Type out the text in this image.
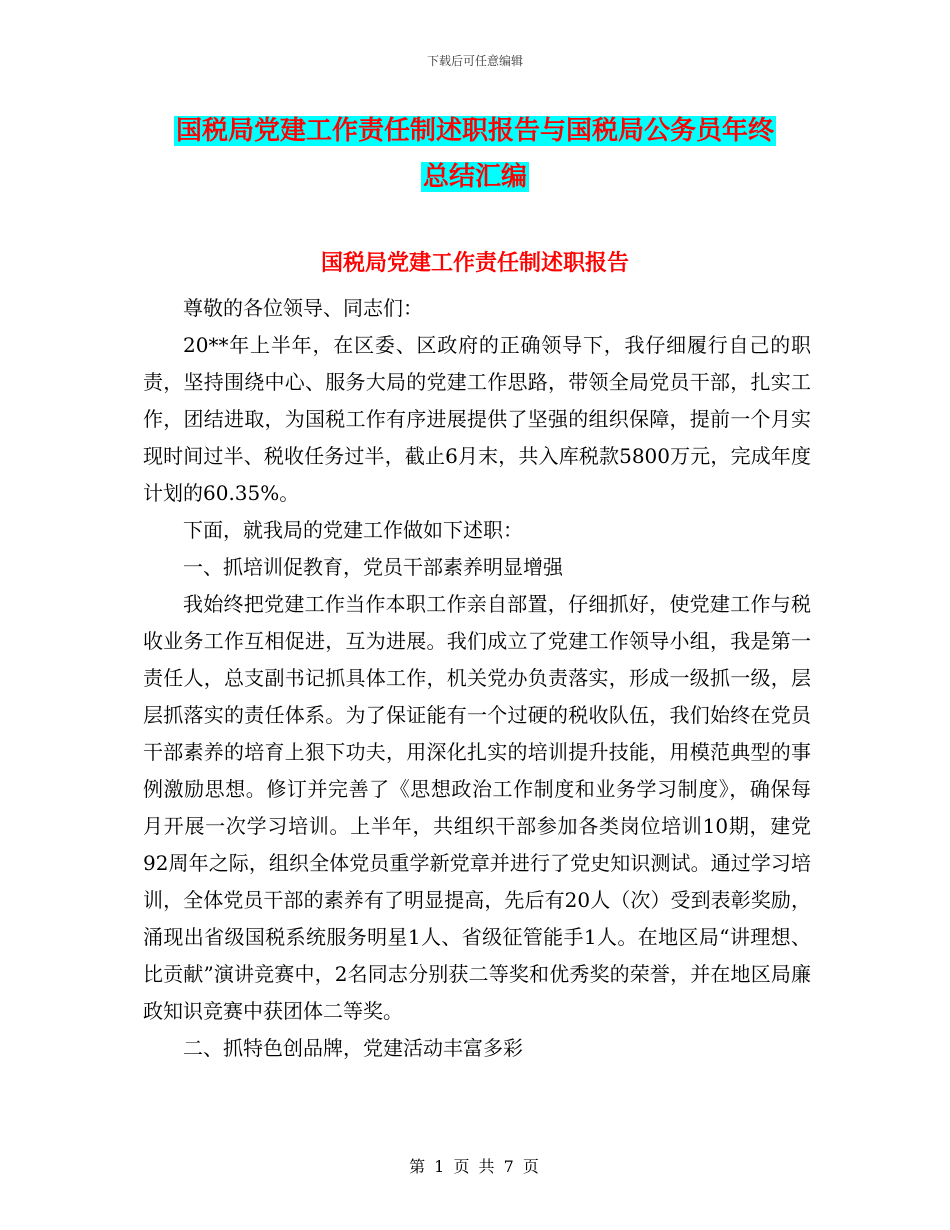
下载后可任意编辑
国税局党建工作责任制述职报告与国税局公务员年终
总结汇编
国税局党建工作责任制述职报告

尊敬的各位领导、同志们：

20**年上半年，在区委、区政府的正确领导下，我仔细履行自己的职责，坚持围绕中心、服务大局的党建工作思路，带领全局党员干部，扎实工作，团结进取，为国税工作有序进展提供了坚强的组织保障，提前一个月实现时间过半、税收任务过半，截止6月末，共入库税款5800万元，完成年度计划的60.35%。

下面，就我局的党建工作做如下述职：

一、抓培训促教育，党员干部素养明显增强

我始终把党建工作当作本职工作亲自部置，仔细抓好，使党建工作与税收业务工作互相促进，互为进展。我们成立了党建工作领导小组，我是第一责任人，总支副书记抓具体工作，机关党办负责落实，形成一级抓一级，层层抓落实的责任体系。为了保证能有一个过硬的税收队伍，我们始终在党员干部素养的培育上狠下功夫，用深化扎实的培训提升技能，用模范典型的事例激励思想。修订并完善了《思想政治工作制度和业务学习制度》，确保每月开展一次学习培训。上半年，共组织干部参加各类岗位培训10期，建党92周年之际，组织全体党员重学新党章并进行了党史知识测试。通过学习培训，全体党员干部的素养有了明显提高，先后有20人（次）受到表彰奖励，涌现出省级国税系统服务明星1人、省级征管能手1人。在地区局“讲理想、比贡献”演讲竞赛中，2名同志分别获二等奖和优秀奖的荣誉，并在地区局廉政知识竞赛中获团体二等奖。

二、抓特色创品牌，党建活动丰富多彩

第 1 页 共 7 页
